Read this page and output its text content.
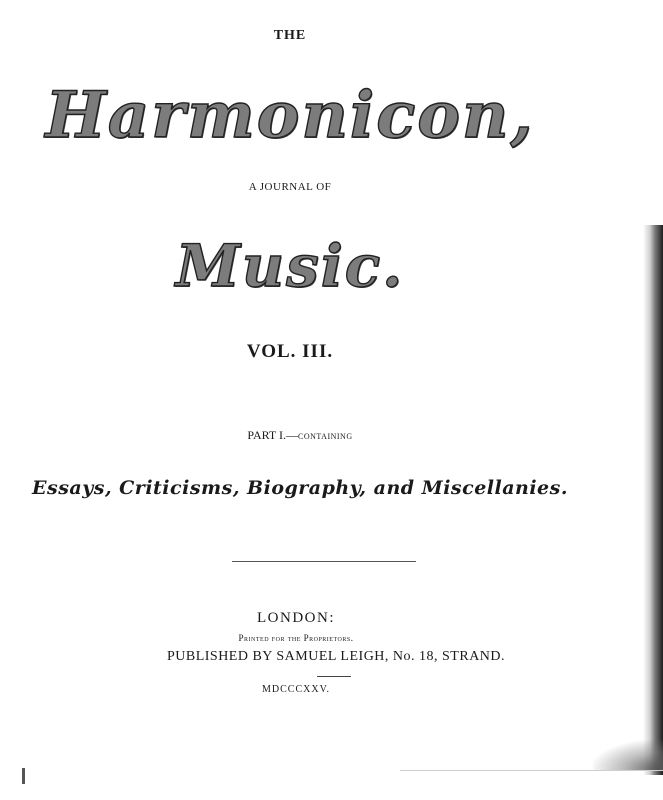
THE
Harmonicon,
A JOURNAL OF
Music.
VOL. III.
PART I.—CONTAINING
Essays, Criticisms, Biography, and Miscellanies.
LONDON:
Printed for the Proprietors.
PUBLISHED BY SAMUEL LEIGH, No. 18, STRAND.
MDCCCXXV.
